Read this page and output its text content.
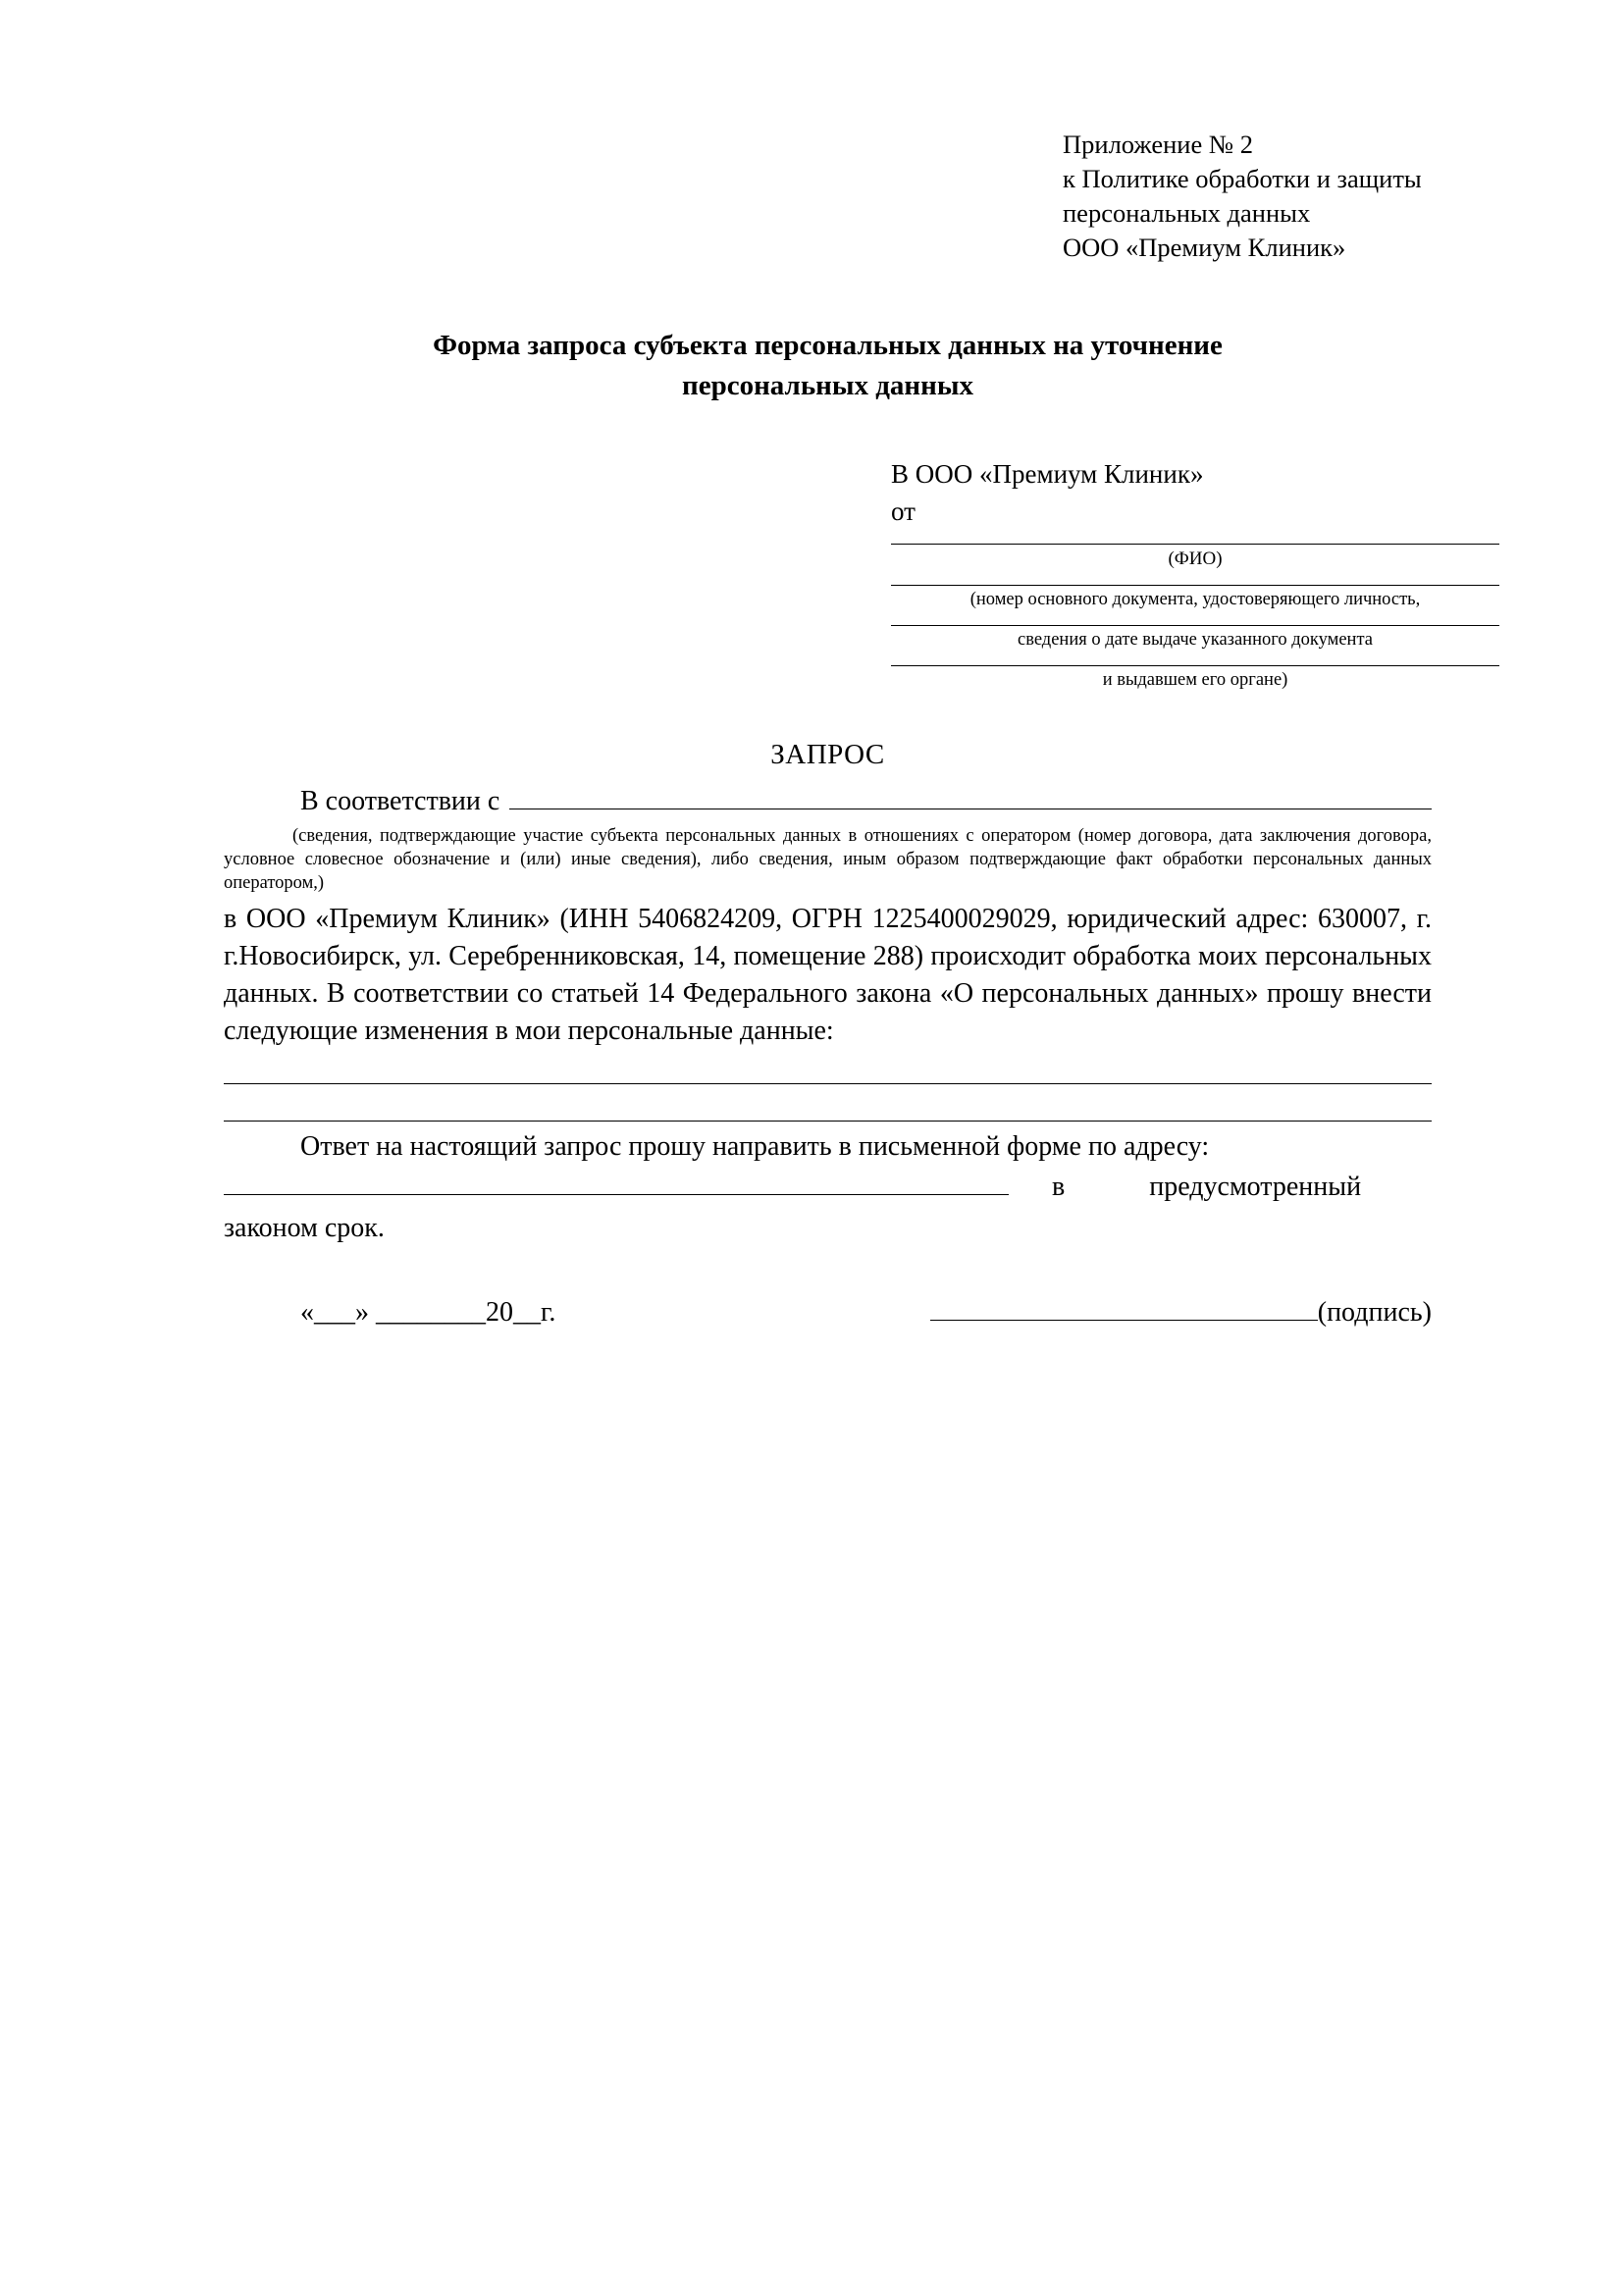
Приложение № 2
к Политике обработки и защиты
персональных данных
ООО «Премиум Клиник»
Форма запроса субъекта персональных данных на уточнение
персональных данных
В ООО «Премиум Клиник»
от
(ФИО)
(номер основного документа, удостоверяющего личность,
сведения о дате выдаче указанного документа
и выдавшем его органе)
ЗАПРОС
В соответствии с
(сведения, подтверждающие участие субъекта персональных данных в отношениях с оператором (номер договора, дата заключения договора, условное словесное обозначение и (или) иные сведения), либо сведения, иным образом подтверждающие факт обработки персональных данных оператором,)
в ООО «Премиум Клиник» (ИНН 5406824209, ОГРН 1225400029029, юридический адрес: 630007, г. г.Новосибирск, ул. Серебренниковская, 14, помещение 288) происходит обработка моих персональных данных. В соответствии со статьей 14 Федерального закона «О персональных данных» прошу внести следующие изменения в мои персональные данные:
Ответ на настоящий запрос прошу направить в письменной форме по адресу:
в	предусмотренный
законом срок.
«___» ________20__г.	(подпись)
